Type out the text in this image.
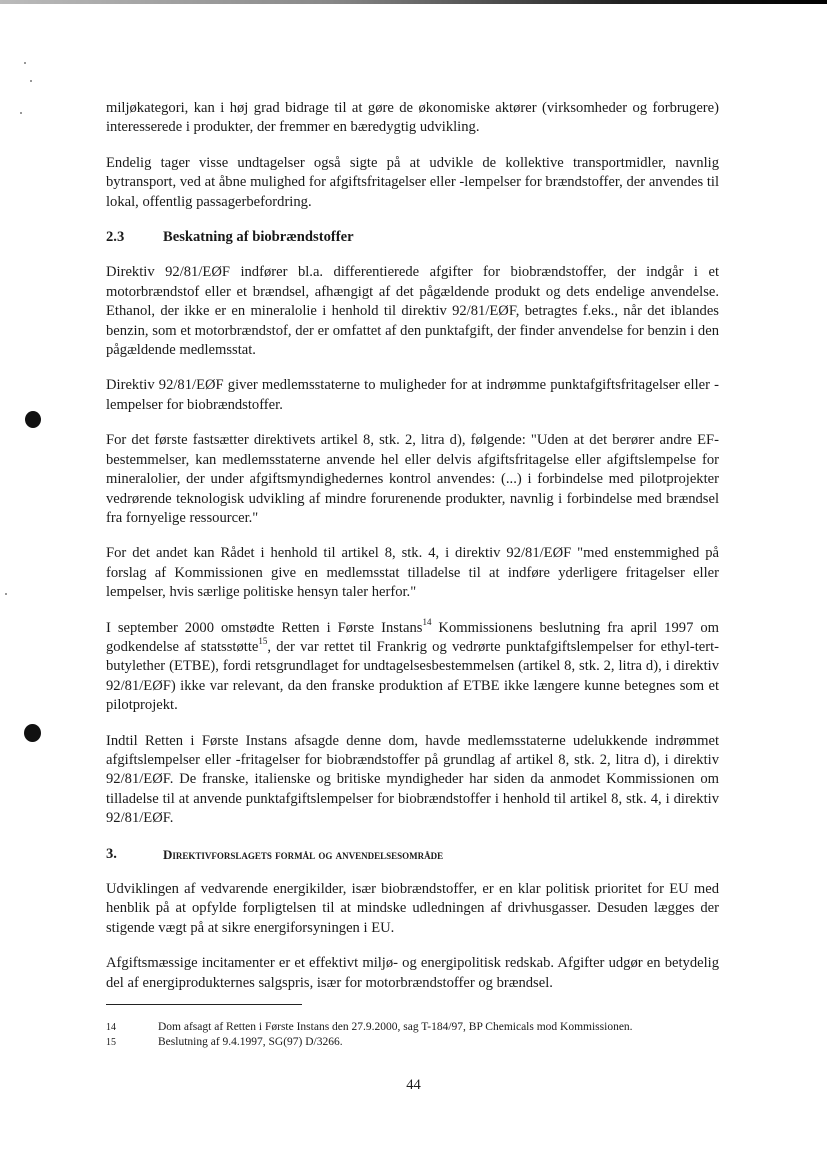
miljøkategori, kan i høj grad bidrage til at gøre de økonomiske aktører (virksomheder og forbrugere) interesserede i produkter, der fremmer en bæredygtig udvikling.

Endelig tager visse undtagelser også sigte på at udvikle de kollektive transportmidler, navnlig bytransport, ved at åbne mulighed for afgiftsfritagelser eller -lempelser for brændstoffer, der anvendes til lokal, offentlig passagerbefordring.

2.3	Beskatning af biobrændstoffer

Direktiv 92/81/EØF indfører bl.a. differentierede afgifter for biobrændstoffer, der indgår i et motorbrændstof eller et brændsel, afhængigt af det pågældende produkt og dets endelige anvendelse. Ethanol, der ikke er en mineralolie i henhold til direktiv 92/81/EØF, betragtes f.eks., når det iblandes benzin, som et motorbrændstof, der er omfattet af den punktafgift, der finder anvendelse for benzin i den pågældende medlemsstat.

Direktiv 92/81/EØF giver medlemsstaterne to muligheder for at indrømme punktafgiftsfritagelser eller -lempelser for biobrændstoffer.

For det første fastsætter direktivets artikel 8, stk. 2, litra d), følgende: "Uden at det berører andre EF-bestemmelser, kan medlemsstaterne anvende hel eller delvis afgiftsfritagelse eller afgiftslempelse for mineralolier, der under afgiftsmyndighedernes kontrol anvendes: (...) i forbindelse med pilotprojekter vedrørende teknologisk udvikling af mindre forurenende produkter, navnlig i forbindelse med brændsel fra fornyelige ressourcer."

For det andet kan Rådet i henhold til artikel 8, stk. 4, i direktiv 92/81/EØF "med enstemmighed på forslag af Kommissionen give en medlemsstat tilladelse til at indføre yderligere fritagelser eller lempelser, hvis særlige politiske hensyn taler herfor."

I september 2000 omstødte Retten i Første Instans$^{14}$ Kommissionens beslutning fra april 1997 om godkendelse af statsstøtte$^{15}$, der var rettet til Frankrig og vedrørte punktafgiftslempelser for ethyl-tert-butylether (ETBE), fordi retsgrundlaget for undtagelsesbestemmelsen (artikel 8, stk. 2, litra d), i direktiv 92/81/EØF) ikke var relevant, da den franske produktion af ETBE ikke længere kunne betegnes som et pilotprojekt.

Indtil Retten i Første Instans afsagde denne dom, havde medlemsstaterne udelukkende indrømmet afgiftslempelser eller -fritagelser for biobrændstoffer på grundlag af artikel 8, stk. 2, litra d), i direktiv 92/81/EØF. De franske, italienske og britiske myndigheder har siden da anmodet Kommissionen om tilladelse til at anvende punktafgiftslempelser for biobrændstoffer i henhold til artikel 8, stk. 4, i direktiv 92/81/EØF.

3.	Direktivforslagets formål og anvendelsesområde

Udviklingen af vedvarende energikilder, især biobrændstoffer, er en klar politisk prioritet for EU med henblik på at opfylde forpligtelsen til at mindske udledningen af drivhusgasser. Desuden lægges der stigende vægt på at sikre energiforsyningen i EU.

Afgiftsmæssige incitamenter er et effektivt miljø- og energipolitisk redskab. Afgifter udgør en betydelig del af energiprodukternes salgspris, især for motorbrændstoffer og brændsel.

14	Dom afsagt af Retten i Første Instans den 27.9.2000, sag T-184/97, BP Chemicals mod Kommissionen.
15	Beslutning af 9.4.1997, SG(97) D/3266.
44
